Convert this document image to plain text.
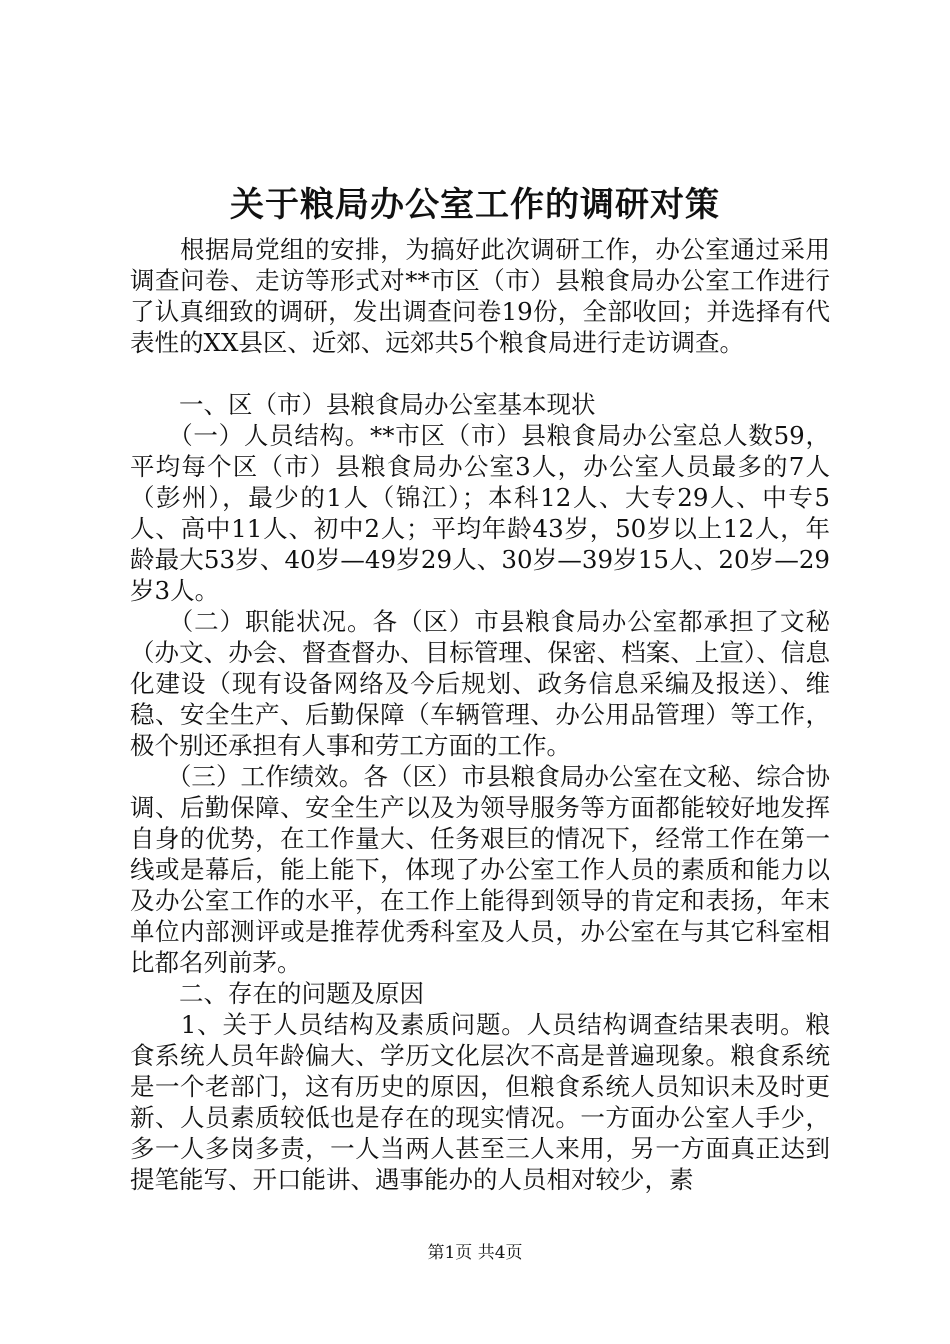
关于粮局办公室工作的调研对策

　　根据局党组的安排，为搞好此次调研工作，办公室通过采用调查问卷、走访等形式对**市区（市）县粮食局办公室工作进行了认真细致的调研，发出调查问卷19份，全部收回；并选择有代表性的XX县区、近郊、远郊共5个粮食局进行走访调查。

　　一、区（市）县粮食局办公室基本现状

　　（一）人员结构。**市区（市）县粮食局办公室总人数59，平均每个区（市）县粮食局办公室3人，办公室人员最多的7人（彭州），最少的1人（锦江）；本科12人、大专29人、中专5人、高中11人、初中2人；平均年龄43岁，50岁以上12人，年龄最大53岁、40岁—49岁29人、30岁—39岁15人、20岁—29岁3人。

　　（二）职能状况。各（区）市县粮食局办公室都承担了文秘（办文、办会、督查督办、目标管理、保密、档案、上宣）、信息化建设（现有设备网络及今后规划、政务信息采编及报送）、维稳、安全生产、后勤保障（车辆管理、办公用品管理）等工作，极个别还承担有人事和劳工方面的工作。

　　（三）工作绩效。各（区）市县粮食局办公室在文秘、综合协调、后勤保障、安全生产以及为领导服务等方面都能较好地发挥自身的优势，在工作量大、任务艰巨的情况下，经常工作在第一线或是幕后，能上能下，体现了办公室工作人员的素质和能力以及办公室工作的水平，在工作上能得到领导的肯定和表扬，年末单位内部测评或是推荐优秀科室及人员，办公室在与其它科室相比都名列前茅。

　　二、存在的问题及原因

　　1、关于人员结构及素质问题。人员结构调查结果表明。粮食系统人员年龄偏大、学历文化层次不高是普遍现象。粮食系统是一个老部门，这有历史的原因，但粮食系统人员知识未及时更新、人员素质较低也是存在的现实情况。一方面办公室人手少，多一人多岗多责，一人当两人甚至三人来用，另一方面真正达到提笔能写、开口能讲、遇事能办的人员相对较少，素

第1页 共4页
